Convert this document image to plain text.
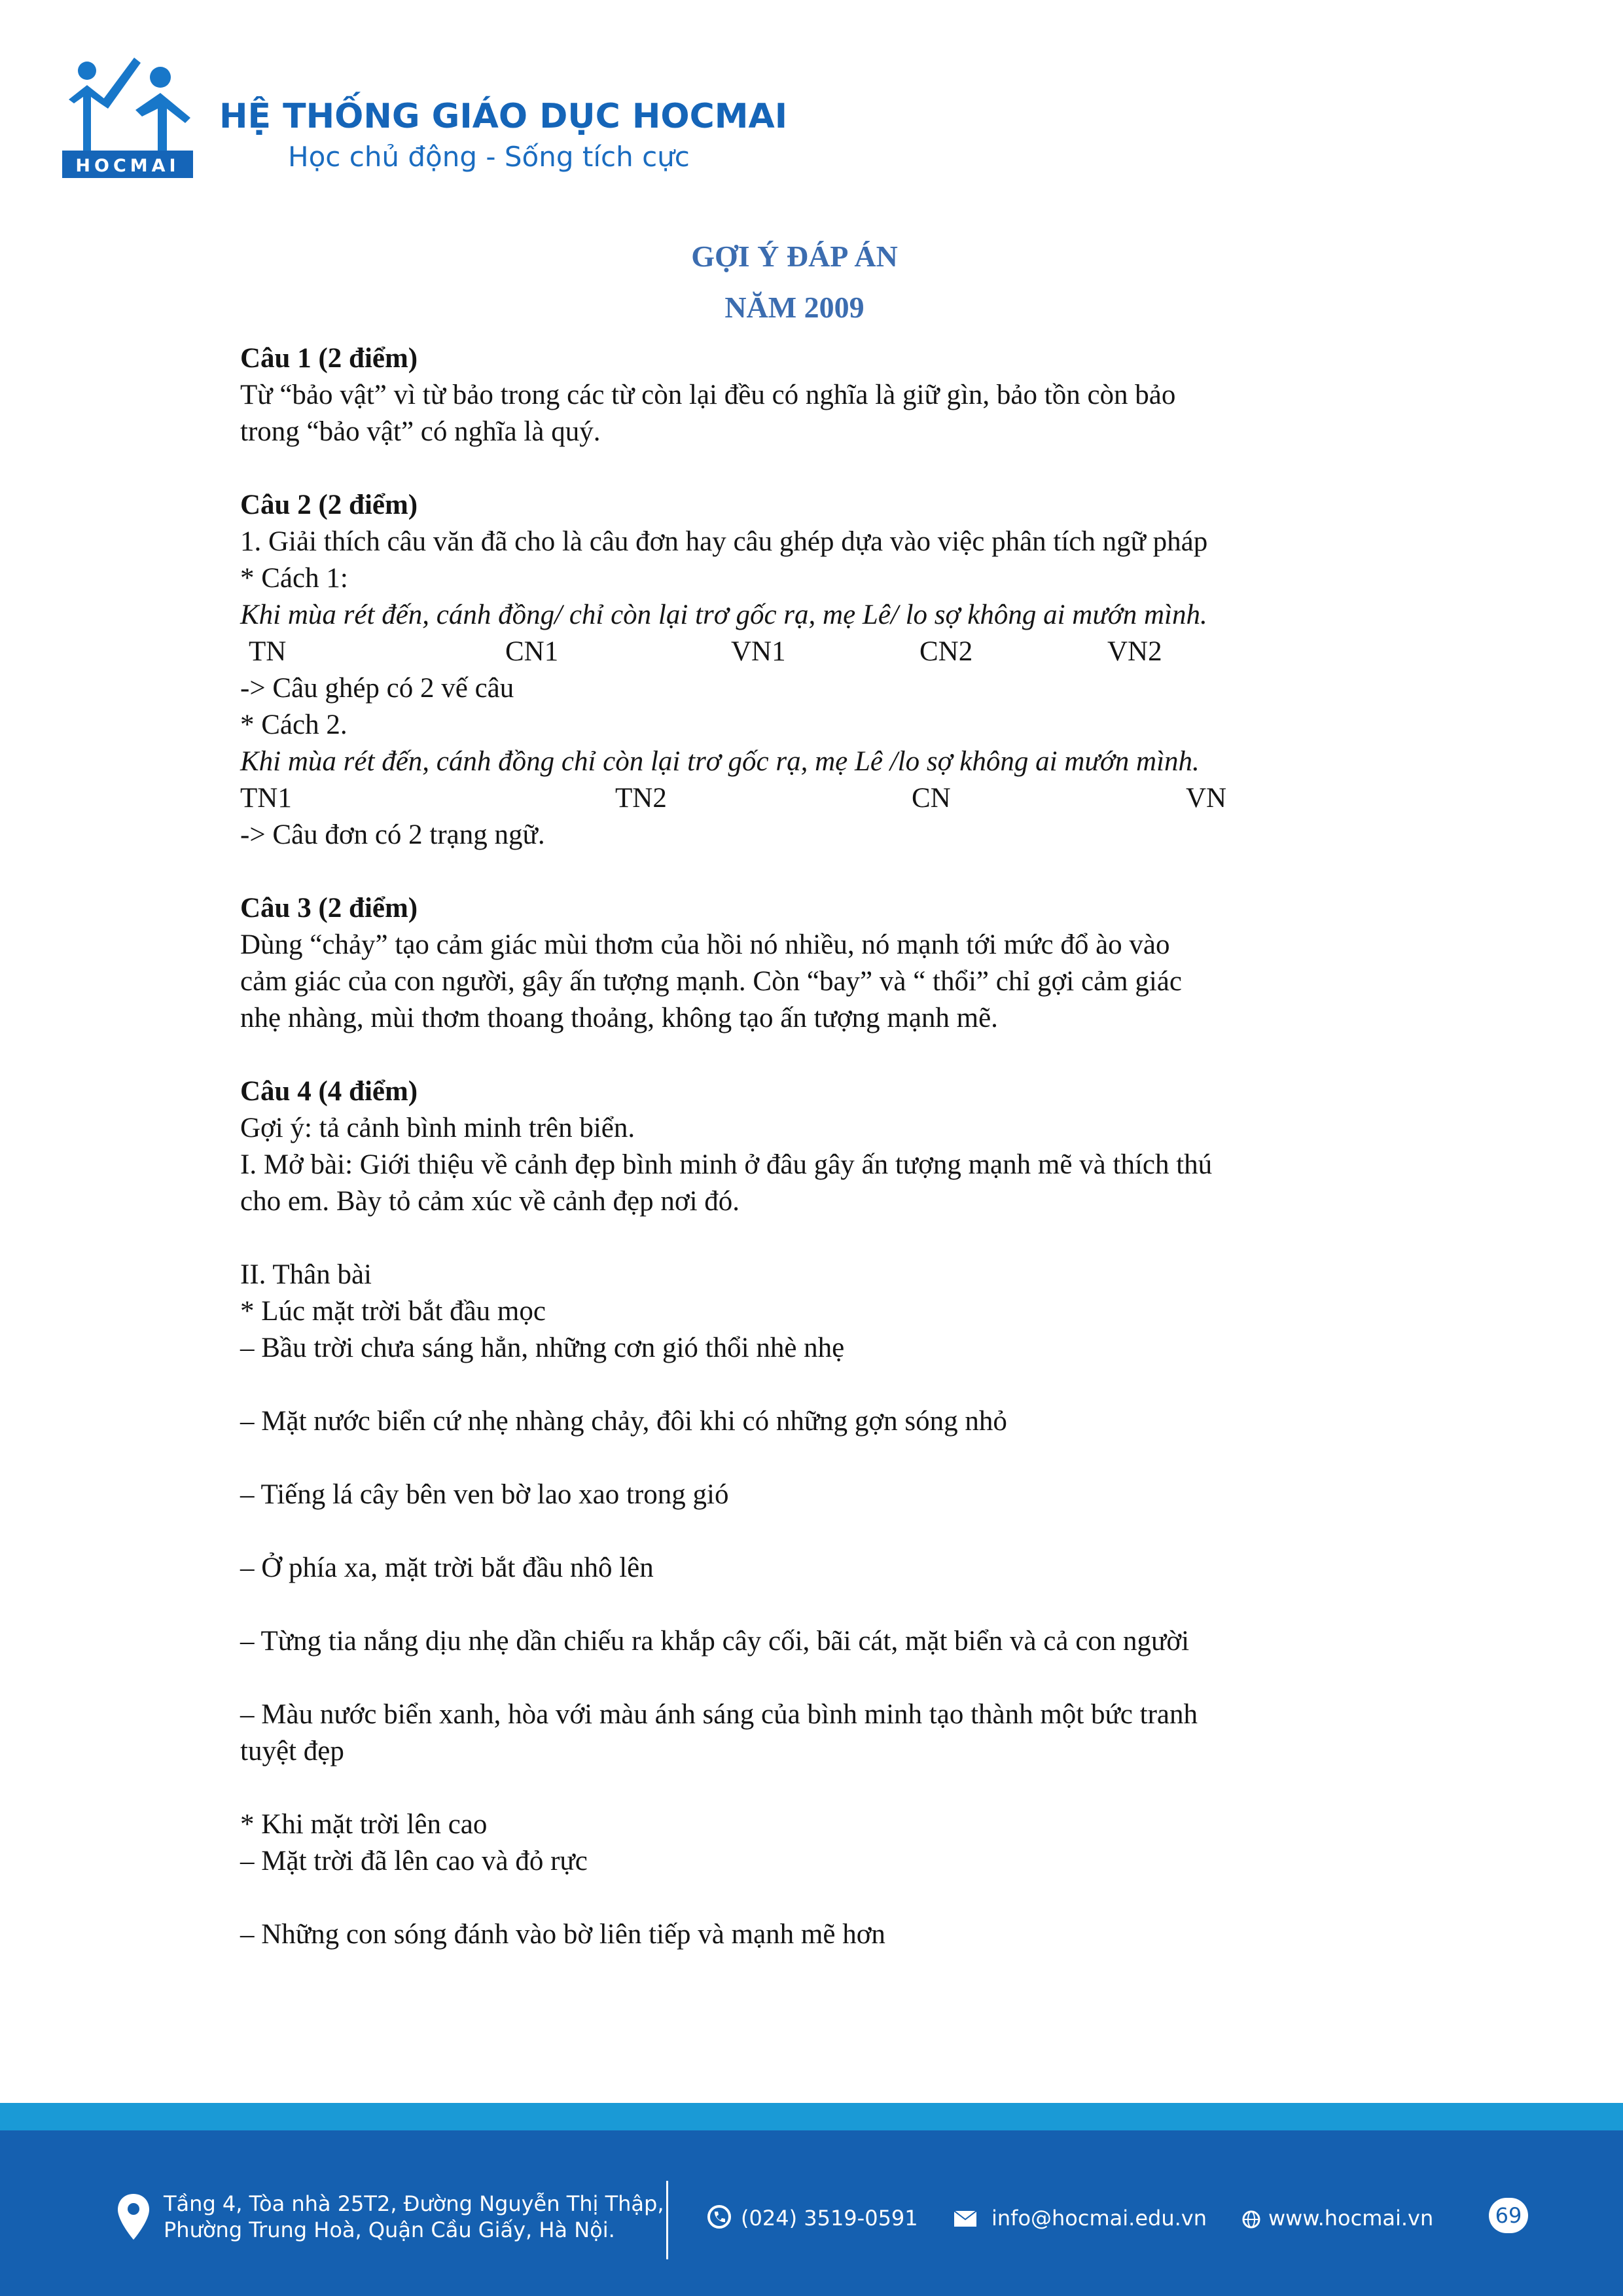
HOCMAI
HỆ THỐNG GIÁO DỤC HOCMAI

Học chủ động - Sống tích cực

GỢI Ý ĐÁP ÁN
NĂM 2009

Câu 1 (2 điểm)

Từ “bảo vật” vì từ bảo trong các từ còn lại đều có nghĩa là giữ gìn, bảo tồn còn bảo

trong “bảo vật” có nghĩa là quý.

Câu 2 (2 điểm)

1. Giải thích câu văn đã cho là câu đơn hay câu ghép dựa vào việc phân tích ngữ pháp

* Cách 1:

Khi mùa rét đến, cánh đồng/ chỉ còn lại trơ gốc rạ, mẹ Lê/ lo sợ không ai mướn mình.

TN	CN1	VN1	CN2	VN2

-> Câu ghép có 2 vế câu

* Cách 2.

Khi mùa rét đến, cánh đồng chỉ còn lại trơ gốc rạ, mẹ Lê /lo sợ không ai mướn mình.

TN1	TN2	CN	VN

-> Câu đơn có 2 trạng ngữ.

Câu 3 (2 điểm)

Dùng “chảy” tạo cảm giác mùi thơm của hồi nó nhiều, nó mạnh tới mức đổ ào vào

cảm giác của con người, gây ấn tượng mạnh. Còn “bay” và “ thổi” chỉ gợi cảm giác

nhẹ nhàng, mùi thơm thoang thoảng, không tạo ấn tượng mạnh mẽ.

Câu 4 (4 điểm)

Gợi ý: tả cảnh bình minh trên biển.

I. Mở bài: Giới thiệu về cảnh đẹp bình minh ở đâu gây ấn tượng mạnh mẽ và thích thú

cho em. Bày tỏ cảm xúc về cảnh đẹp nơi đó.

II. Thân bài

* Lúc mặt trời bắt đầu mọc

– Bầu trời chưa sáng hẳn, những cơn gió thổi nhè nhẹ

– Mặt nước biển cứ nhẹ nhàng chảy, đôi khi có những gợn sóng nhỏ

– Tiếng lá cây bên ven bờ lao xao trong gió

– Ở phía xa, mặt trời bắt đầu nhô lên

– Từng tia nắng dịu nhẹ dần chiếu ra khắp cây cối, bãi cát, mặt biển và cả con người

– Màu nước biển xanh, hòa với màu ánh sáng của bình minh tạo thành một bức tranh

tuyệt đẹp

* Khi mặt trời lên cao

– Mặt trời đã lên cao và đỏ rực

– Những con sóng đánh vào bờ liên tiếp và mạnh mẽ hơn

Tầng 4, Tòa nhà 25T2, Đường Nguyễn Thị Thập,

Phường Trung Hoà, Quận Cầu Giấy, Hà Nội.	(024) 3519-0591	info@hocmai.edu.vn	www.hocmai.vn	69
